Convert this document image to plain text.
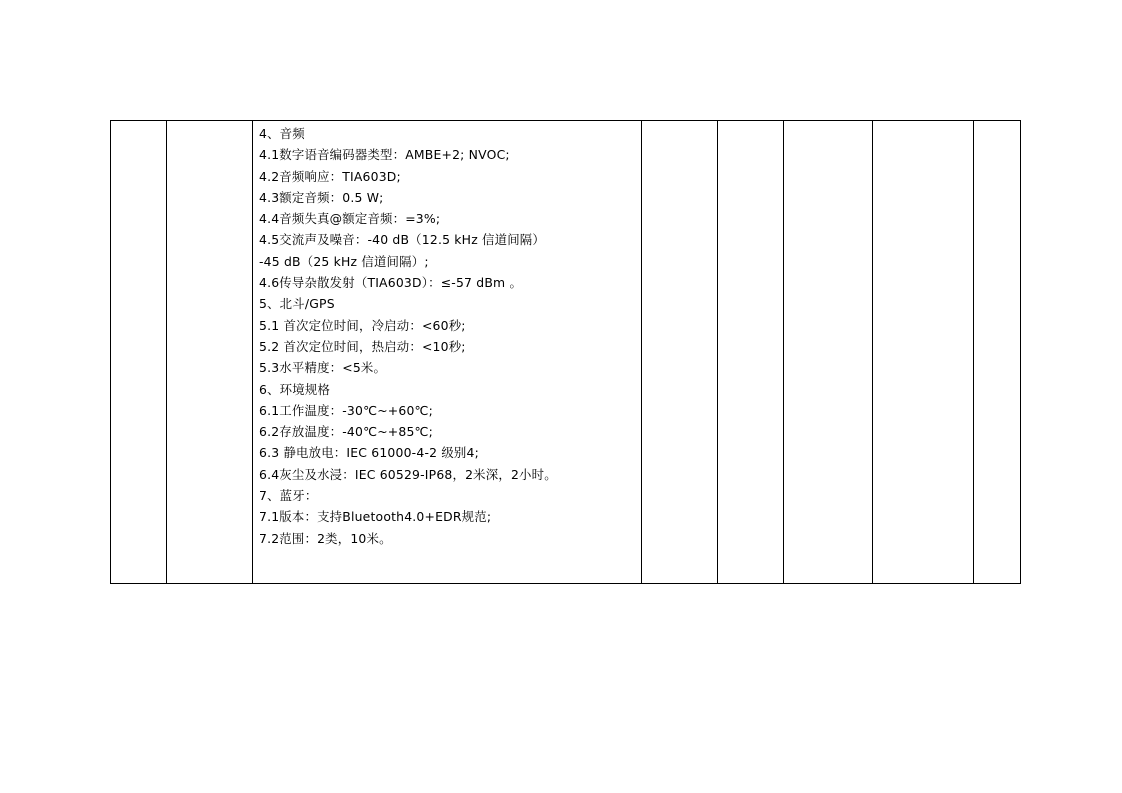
4、音频
4.1数字语音编码器类型：AMBE+2; NVOC;
4.2音频响应：TIA603D;
4.3额定音频：0.5 W;
4.4音频失真@额定音频：=3%;
4.5交流声及噪音：-40 dB（12.5 kHz 信道间隔）
-45 dB（25 kHz 信道间隔）;
4.6传导杂散发射（TIA603D）：≤-57 dBm 。
5、北斗/GPS
5.1 首次定位时间，冷启动：<60秒;
5.2 首次定位时间，热启动：<10秒;
5.3水平精度：<5米。
6、环境规格
6.1工作温度：-30℃~+60℃;
6.2存放温度：-40℃~+85℃;
6.3 静电放电：IEC 61000-4-2 级别4;
6.4灰尘及水浸：IEC 60529-IP68，2米深，2小时。
7、蓝牙：
7.1版本：支持Bluetooth4.0+EDR规范;
7.2范围：2类，10米。
